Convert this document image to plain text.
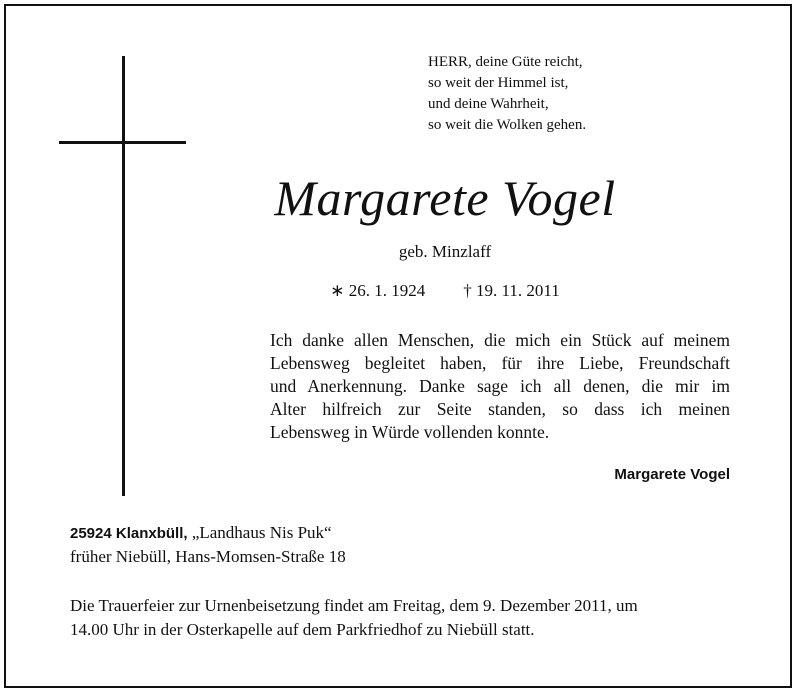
HERR, deine Güte reicht,
so weit der Himmel ist,
und deine Wahrheit,
so weit die Wolken gehen.
Margarete Vogel
geb. Minzlaff
∗ 26. 1. 1924 † 19. 11. 2011
Ich danke allen Menschen, die mich ein Stück auf meinem
Lebensweg begleitet haben, für ihre Liebe, Freundschaft
und Anerkennung. Danke sage ich all denen, die mir im
Alter hilfreich zur Seite standen, so dass ich meinen
Lebensweg in Würde vollenden konnte.
Margarete Vogel
25924 Klanxbüll, „Landhaus Nis Puk“
früher Niebüll, Hans-Momsen-Straße 18
Die Trauerfeier zur Urnenbeisetzung findet am Freitag, dem 9. Dezember 2011, um
14.00 Uhr in der Osterkapelle auf dem Parkfriedhof zu Niebüll statt.
